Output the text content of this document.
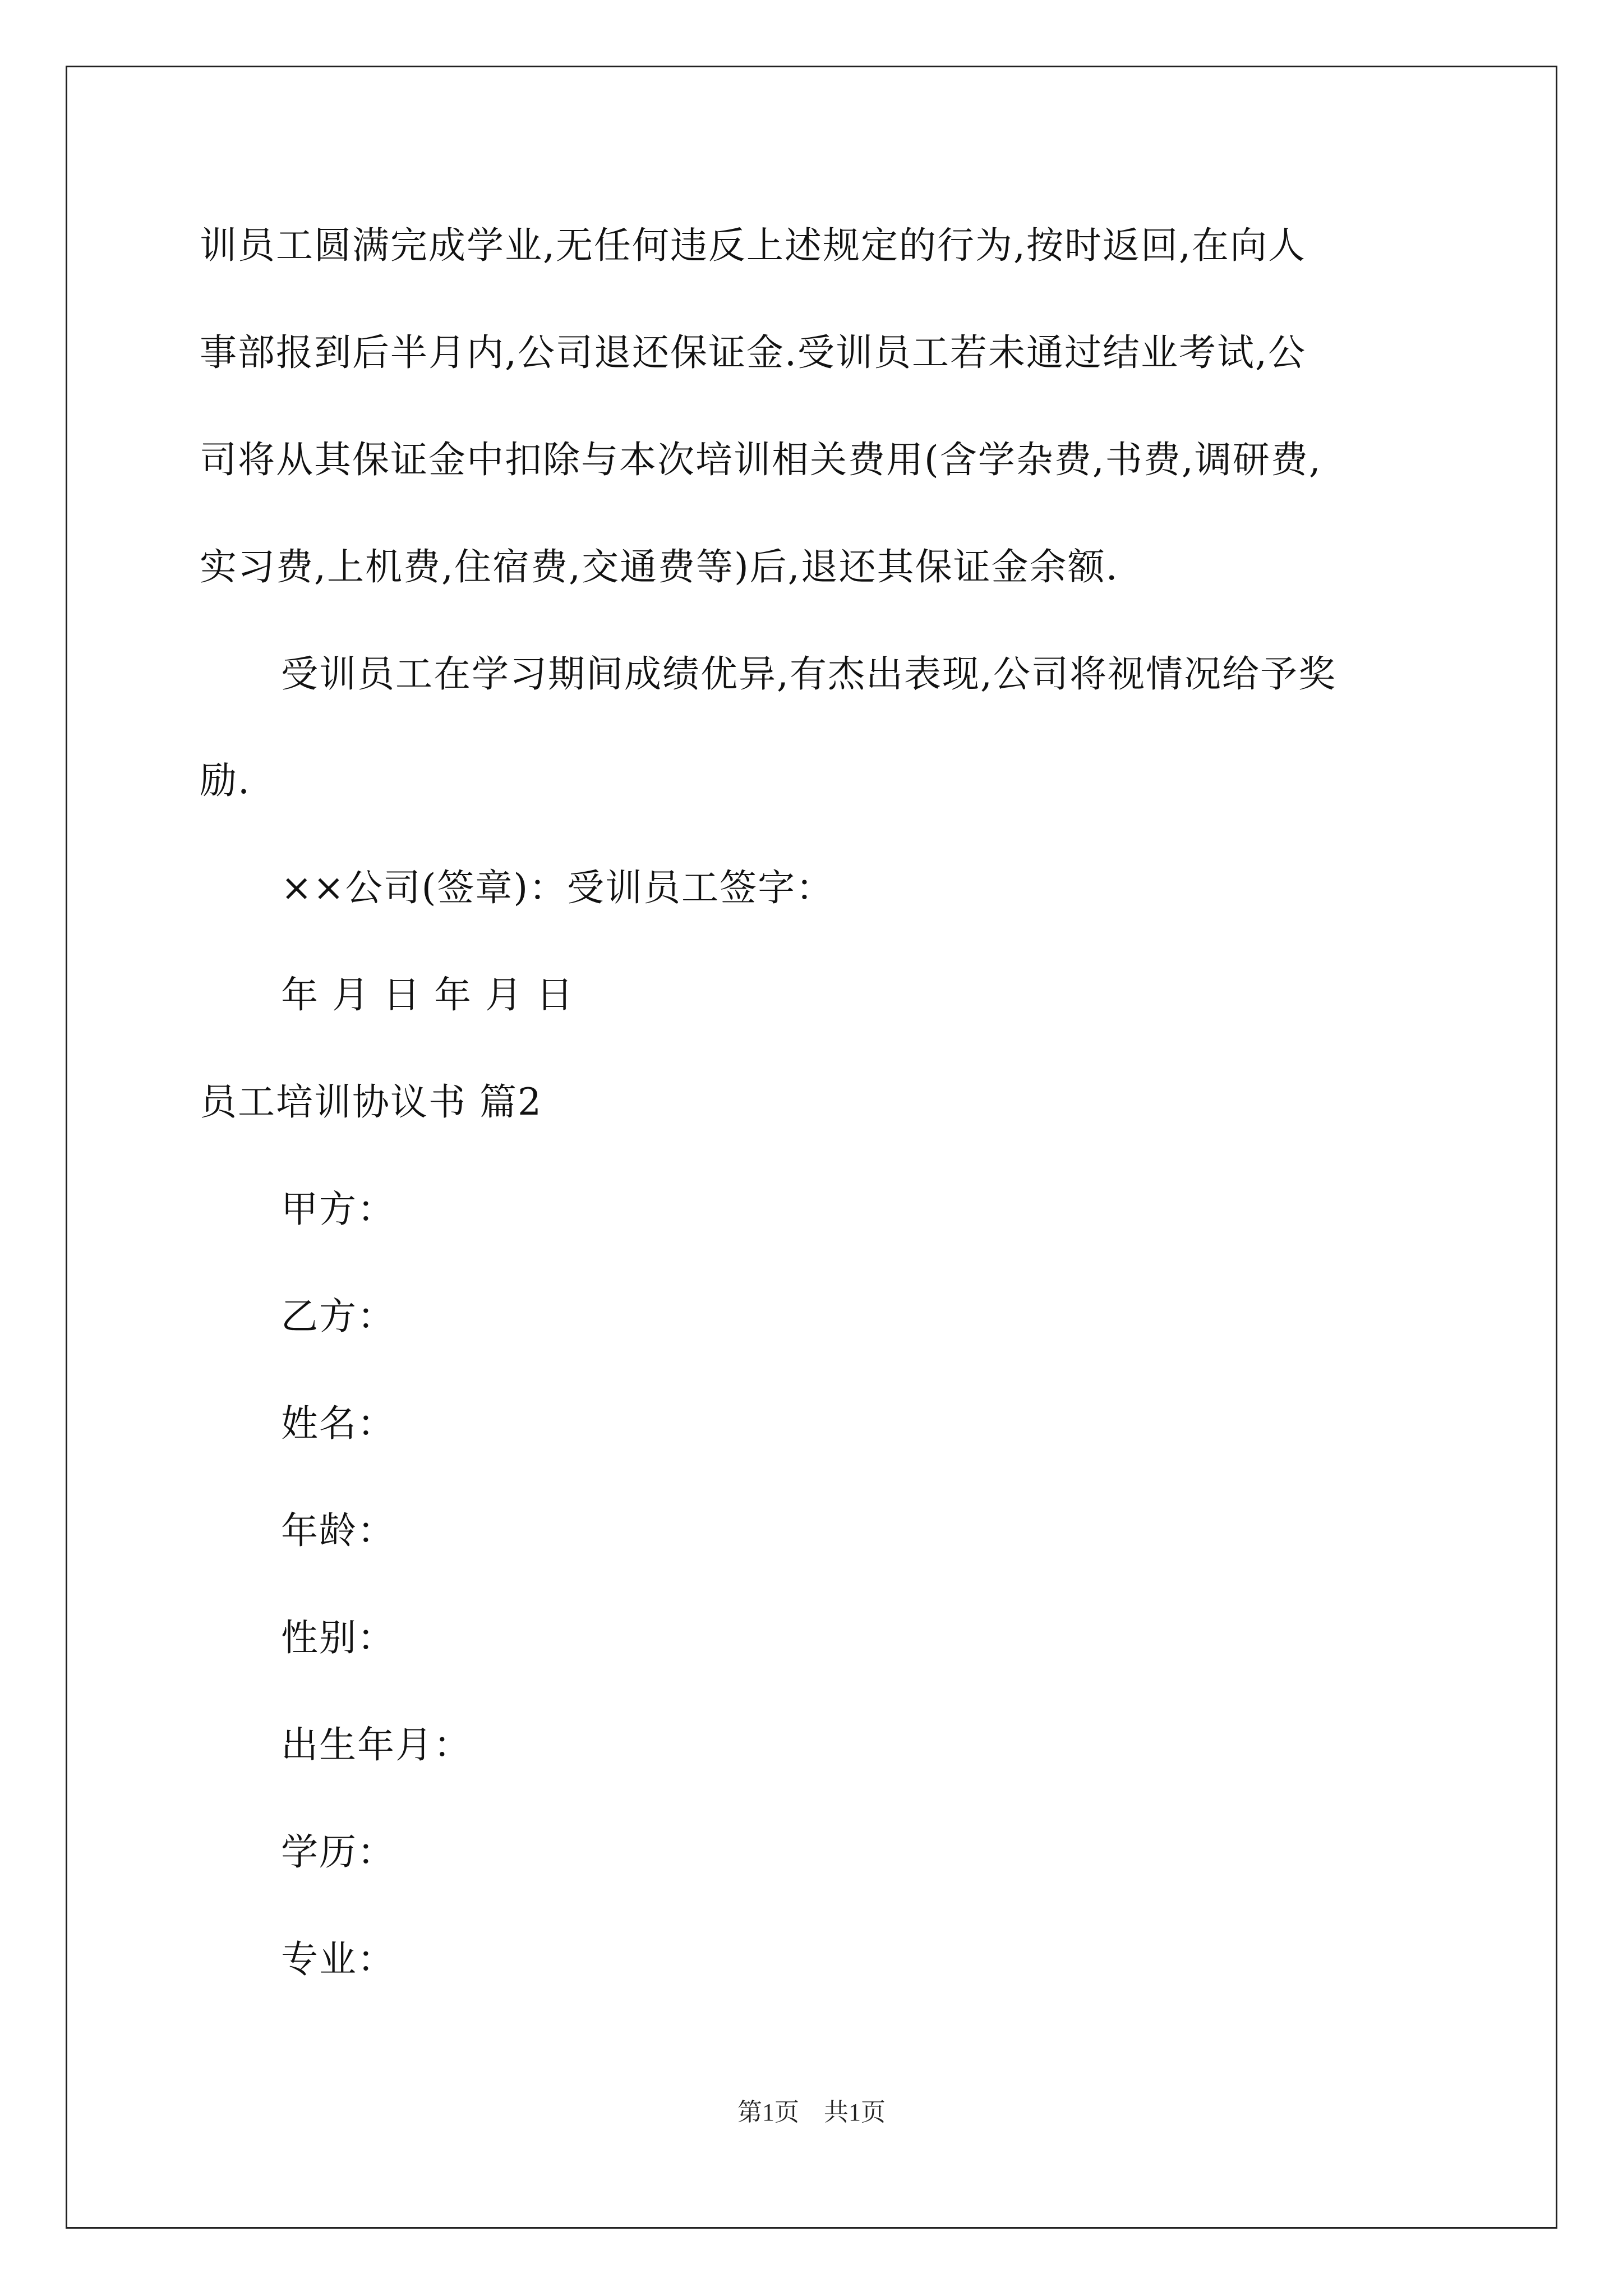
训员工圆满完成学业,无任何违反上述规定的行为,按时返回,在向人
事部报到后半月内,公司退还保证金.受训员工若未通过结业考试,公
司将从其保证金中扣除与本次培训相关费用(含学杂费,书费,调研费,
实习费,上机费,住宿费,交通费等)后,退还其保证金余额.
受训员工在学习期间成绩优异,有杰出表现,公司将视情况给予奖
励.
××公司(签章)：受训员工签字：
年 月 日 年 月 日
员工培训协议书 篇2
甲方：
乙方：
姓名：
年龄：
性别：
出生年月：
学历：
专业：
第1页　共1页
